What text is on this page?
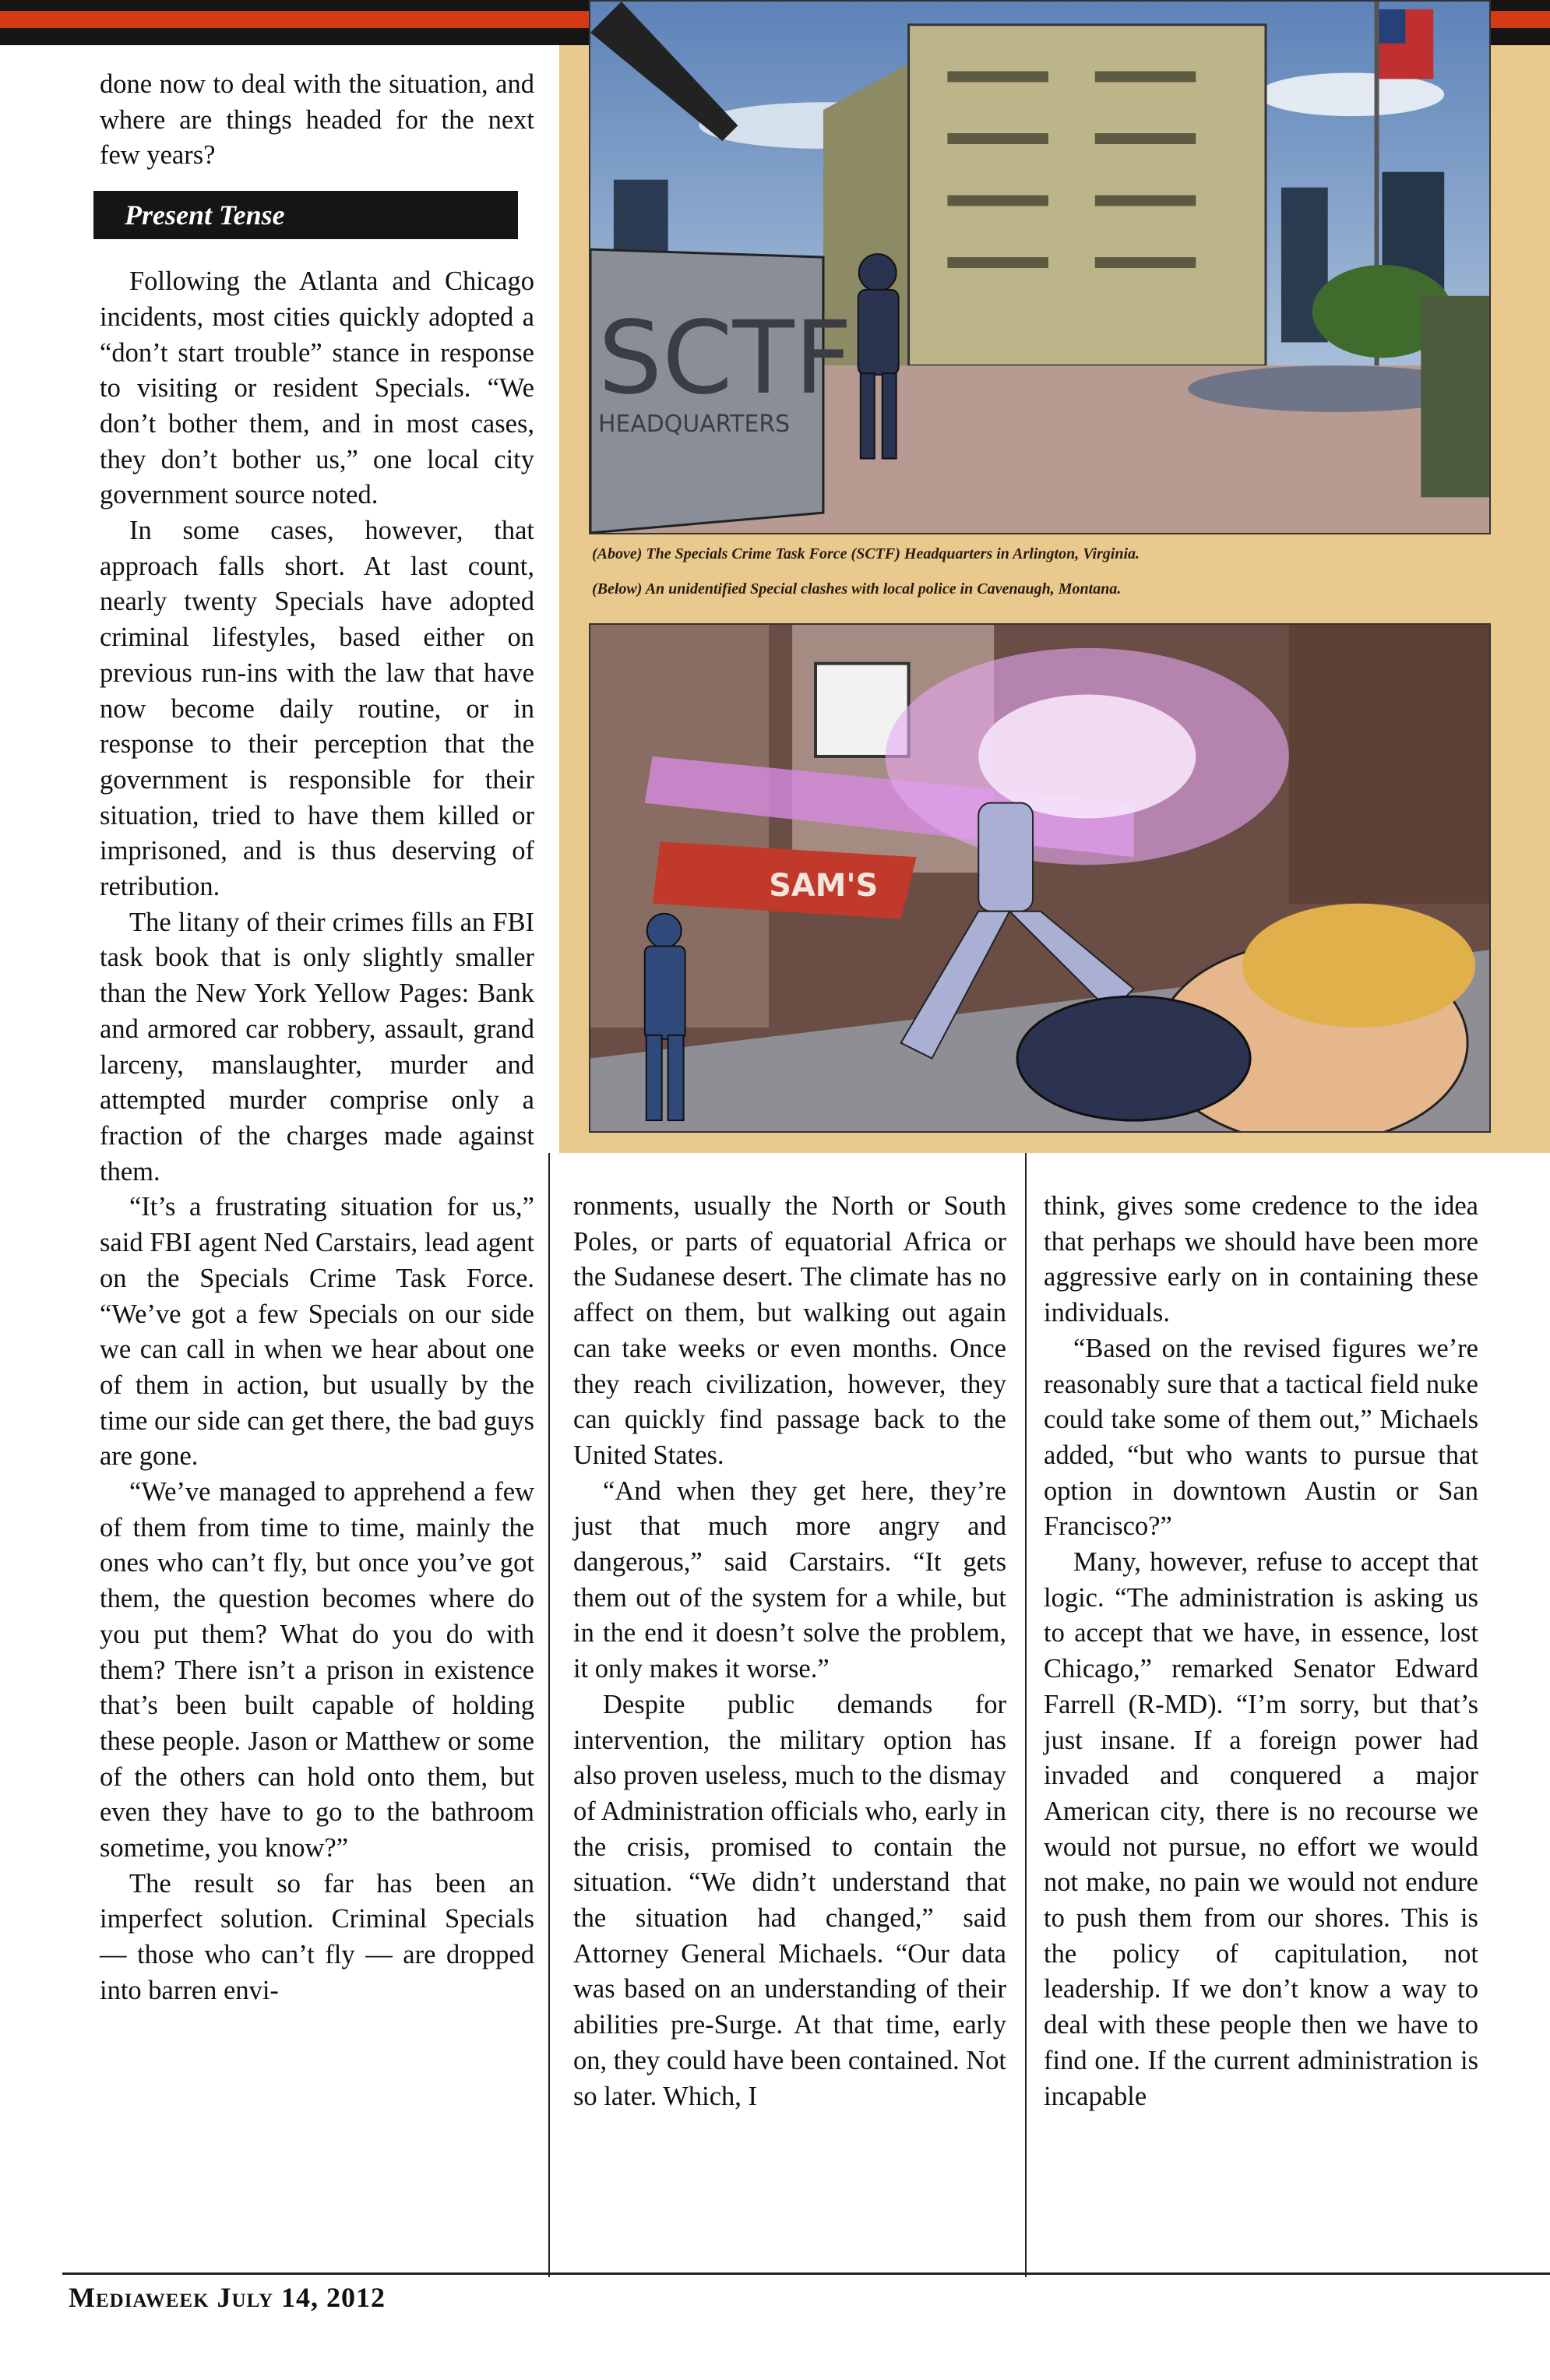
SCTF
HEADQUARTERS
(Above) The Specials Crime Task Force (SCTF) Headquarters in Arlington, Virginia.
(Below) An unidentified Special clashes with local police in Cavenaugh, Montana.
SAM'S

done now to deal with the situation, and where are things headed for the next few years?

Present Tense

Following the Atlanta and Chicago incidents, most cities quickly adopted a “don’t start trouble” stance in response to visiting or resident Specials. “We don’t bother them, and in most cases, they don’t bother us,” one local city government source noted.

In some cases, however, that approach falls short. At last count, nearly twenty Specials have adopted criminal lifestyles, based either on previous run-ins with the law that have now become daily routine, or in response to their perception that the government is responsible for their situation, tried to have them killed or imprisoned, and is thus deserving of retribution.

The litany of their crimes fills an FBI task book that is only slightly smaller than the New York Yellow Pages: Bank and armored car robbery, assault, grand larceny, manslaughter, murder and attempted murder comprise only a fraction of the charges made against them.

“It’s a frustrating situation for us,” said FBI agent Ned Carstairs, lead agent on the Specials Crime Task Force. “We’ve got a few Specials on our side we can call in when we hear about one of them in action, but usually by the time our side can get there, the bad guys are gone.

“We’ve managed to apprehend a few of them from time to time, mainly the ones who can’t fly, but once you’ve got them, the question becomes where do you put them? What do you do with them? There isn’t a prison in existence that’s been built capable of holding these people. Jason or Matthew or some of the others can hold onto them, but even they have to go to the bathroom sometime, you know?”

The result so far has been an imperfect solution. Criminal Specials — those who can’t fly — are dropped into barren envi-

ronments, usually the North or South Poles, or parts of equatorial Africa or the Sudanese desert. The climate has no affect on them, but walking out again can take weeks or even months. Once they reach civilization, however, they can quickly find passage back to the United States.

“And when they get here, they’re just that much more angry and dangerous,” said Carstairs. “It gets them out of the system for a while, but in the end it doesn’t solve the problem, it only makes it worse.”

Despite public demands for intervention, the military option has also proven useless, much to the dismay of Administration officials who, early in the crisis, promised to contain the situation. “We didn’t understand that the situation had changed,” said Attorney General Michaels. “Our data was based on an understanding of their abilities pre-Surge. At that time, early on, they could have been contained. Not so later. Which, I

think, gives some credence to the idea that perhaps we should have been more aggressive early on in containing these individuals.

“Based on the revised figures we’re reasonably sure that a tactical field nuke could take some of them out,” Michaels added, “but who wants to pursue that option in downtown Austin or San Francisco?”

Many, however, refuse to accept that logic. “The administration is asking us to accept that we have, in essence, lost Chicago,” remarked Senator Edward Farrell (R-MD). “I’m sorry, but that’s just insane. If a foreign power had invaded and conquered a major American city, there is no recourse we would not pursue, no effort we would not make, no pain we would not endure to push them from our shores. This is the policy of capitulation, not leadership. If we don’t know a way to deal with these people then we have to find one. If the current administration is incapable

Mediaweek July 14, 2012
